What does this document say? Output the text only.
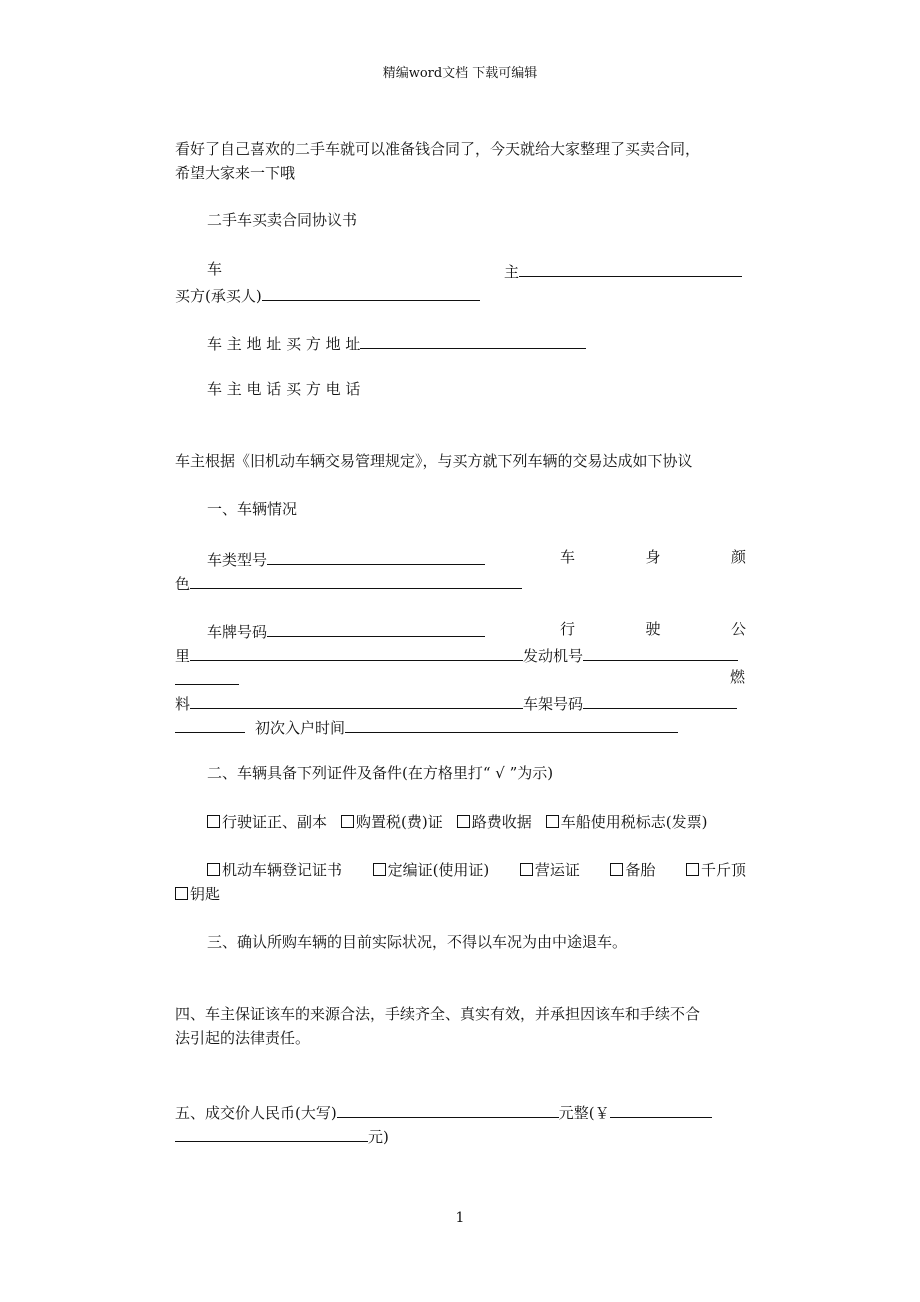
精编word文档 下载可编辑
看好了自己喜欢的二手车就可以准备钱合同了，今天就给大家整理了买卖合同，
希望大家来一下哦
二手车买卖合同协议书
车	主
买方(承买人)
车 主 地 址 买 方 地 址
车 主 电 话 买 方 电 话
车主根据《旧机动车辆交易管理规定》，与买方就下列车辆的交易达成如下协议
一、车辆情况
车类型号	车	身	颜
色
车牌号码	行	驶	公
里	发动机号
燃
料	车架号码
初次入户时间
二、车辆具备下列证件及备件(在方格里打“ √ ”为示)
行驶证正、副本 购置税(费)证 路费收据 车船使用税标志(发票)
机动车辆登记证书	定编证(使用证)	营运证	备胎	千斤顶
钥匙
三、确认所购车辆的目前实际状况，不得以车况为由中途退车。
四、车主保证该车的来源合法，手续齐全、真实有效，并承担因该车和手续不合
法引起的法律责任。
五、成交价人民币(大写)	元整(￥
元)
1
